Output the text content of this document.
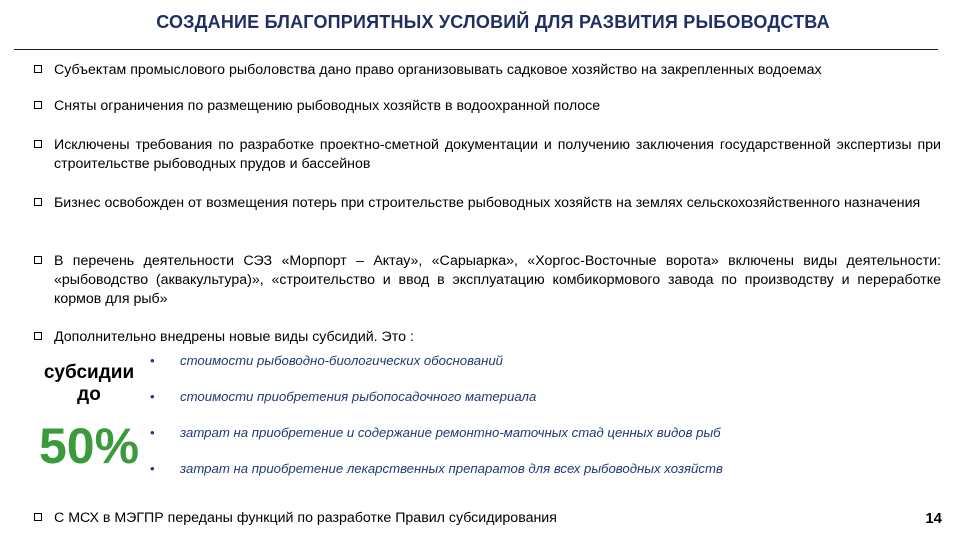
СОЗДАНИЕ БЛАГОПРИЯТНЫХ УСЛОВИЙ ДЛЯ РАЗВИТИЯ РЫБОВОДСТВА
Субъектам промыслового рыболовства дано право организовывать садковое хозяйство на закрепленных водоемах
Сняты ограничения по размещению рыбоводных хозяйств в водоохранной полосе
Исключены требования по разработке проектно-сметной документации и получению заключения государственной экспертизы при строительстве рыбоводных прудов и бассейнов
Бизнес освобожден от возмещения потерь при строительстве рыбоводных хозяйств на землях сельскохозяйственного назначения
В перечень деятельности СЭЗ «Морпорт – Актау», «Сарыарка», «Хоргос-Восточные ворота» включены виды деятельности: «рыбоводство (аквакультура)», «строительство и ввод в эксплуатацию комбикормового завода по производству и переработке кормов для рыб»
Дополнительно внедрены новые виды субсидий. Это :
субсидии
до
50%
• стоимости рыбоводно-биологических обоснований
• стоимости приобретения рыбопосадочного материала
• затрат на приобретение и содержание ремонтно-маточных стад ценных видов рыб
• затрат на приобретение лекарственных препаратов для всех рыбоводных хозяйств
С МСХ в МЭГПР переданы функций по разработке Правил субсидирования	14
